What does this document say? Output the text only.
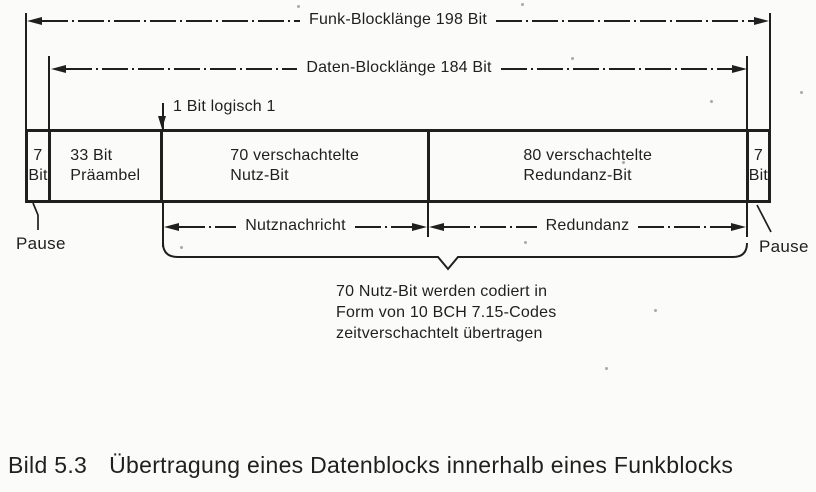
Funk-Blocklänge 198 Bit
Daten-Blocklänge 184 Bit
1 Bit logisch 1
7
Bit
33 Bit
Präambel
70 verschachtelte
Nutz-Bit
80 verschachtelte
Redundanz-Bit
7
Bit
Nutznachricht	Redundanz
Pause	Pause
70 Nutz-Bit werden codiert in
Form von 10 BCH 7.15-Codes
zeitverschachtelt übertragen
Bild 5.3 Übertragung eines Datenblocks innerhalb eines Funkblocks
